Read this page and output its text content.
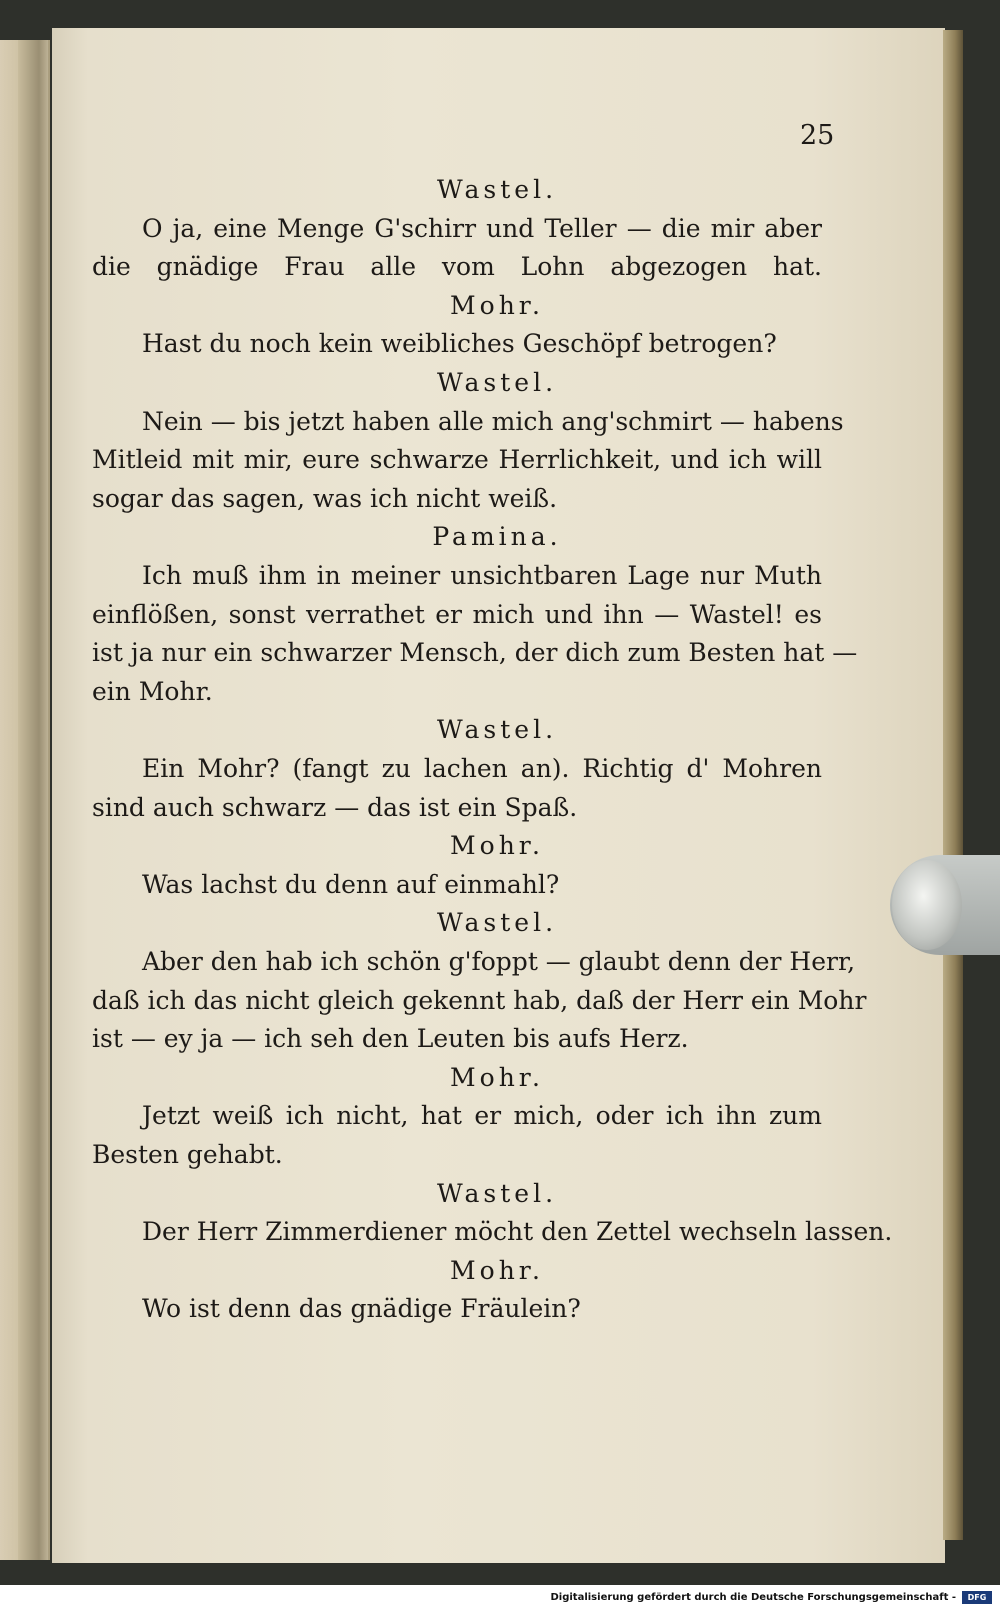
25
Wastel.
O ja, eine Menge G'schirr und Teller — die mir aber
die gnädige Frau alle vom Lohn abgezogen hat.
Mohr.
Hast du noch kein weibliches Geschöpf betrogen?
Wastel.
Nein — bis jetzt haben alle mich ang'schmirt — habens
Mitleid mit mir, eure schwarze Herrlichkeit, und ich will
sogar das sagen, was ich nicht weiß.
Pamina.
Ich muß ihm in meiner unsichtbaren Lage nur Muth
einflößen, sonst verrathet er mich und ihn — Wastel! es
ist ja nur ein schwarzer Mensch, der dich zum Besten hat —
ein Mohr.
Wastel.
Ein Mohr? (fangt zu lachen an). Richtig d' Mohren
sind auch schwarz — das ist ein Spaß.
Mohr.
Was lachst du denn auf einmahl?
Wastel.
Aber den hab ich schön g'foppt — glaubt denn der Herr,
daß ich das nicht gleich gekennt hab, daß der Herr ein Mohr
ist — ey ja — ich seh den Leuten bis aufs Herz.
Mohr.
Jetzt weiß ich nicht, hat er mich, oder ich ihn zum
Besten gehabt.
Wastel.
Der Herr Zimmerdiener möcht den Zettel wechseln lassen.
Mohr.
Wo ist denn das gnädige Fräulein?
Digitalisierung gefördert durch die Deutsche Forschungsgemeinschaft -	DFG
